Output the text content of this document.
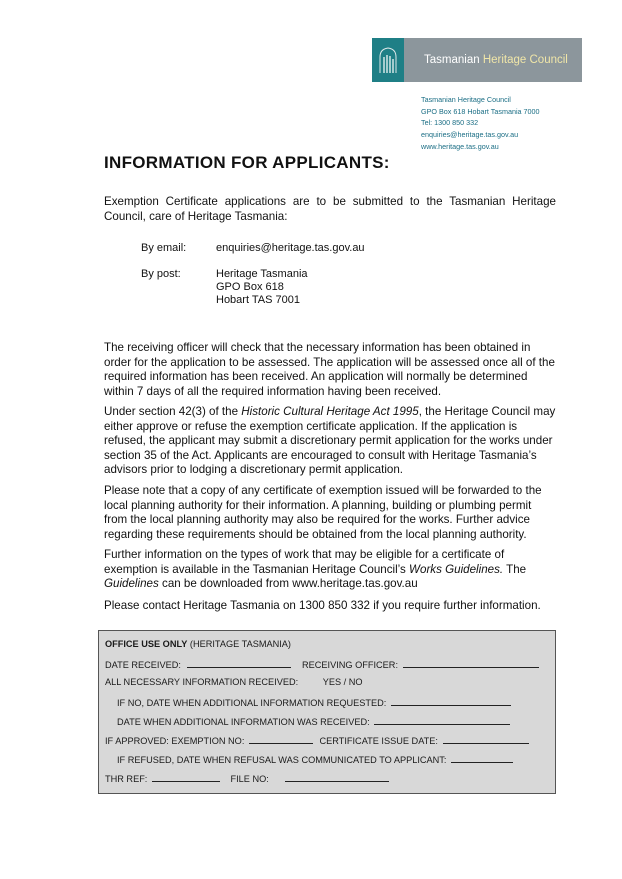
Tasmanian Heritage Council
Tasmanian Heritage Council
GPO Box 618 Hobart Tasmania 7000
Tel: 1300 850 332
enquiries@heritage.tas.gov.au
www.heritage.tas.gov.au
INFORMATION FOR APPLICANTS:
Exemption Certificate applications are to be submitted to the Tasmanian Heritage Council, care of Heritage Tasmania:
By email:	enquiries@heritage.tas.gov.au
By post:	Heritage Tasmania
GPO Box 618
Hobart TAS 7001
The receiving officer will check that the necessary information has been obtained in order for the application to be assessed. The application will be assessed once all of the required information has been received. An application will normally be determined within 7 days of all the required information having been received.
Under section 42(3) of the Historic Cultural Heritage Act 1995, the Heritage Council may either approve or refuse the exemption certificate application. If the application is refused, the applicant may submit a discretionary permit application for the works under section 35 of the Act. Applicants are encouraged to consult with Heritage Tasmania’s advisors prior to lodging a discretionary permit application.
Please note that a copy of any certificate of exemption issued will be forwarded to the local planning authority for their information. A planning, building or plumbing permit from the local planning authority may also be required for the works. Further advice regarding these requirements should be obtained from the local planning authority.
Further information on the types of work that may be eligible for a certificate of exemption is available in the Tasmanian Heritage Council’s Works Guidelines. The Guidelines can be downloaded from www.heritage.tas.gov.au
Please contact Heritage Tasmania on 1300 850 332 if you require further information.
OFFICE USE ONLY (HERITAGE TASMANIA)
DATE RECEIVED:	RECEIVING OFFICER:
ALL NECESSARY INFORMATION RECEIVED:	YES / NO
IF NO, DATE WHEN ADDITIONAL INFORMATION REQUESTED:
DATE WHEN ADDITIONAL INFORMATION WAS RECEIVED:
IF APPROVED: EXEMPTION NO:	CERTIFICATE ISSUE DATE:
IF REFUSED, DATE WHEN REFUSAL WAS COMMUNICATED TO APPLICANT:
THR REF:	FILE NO:
